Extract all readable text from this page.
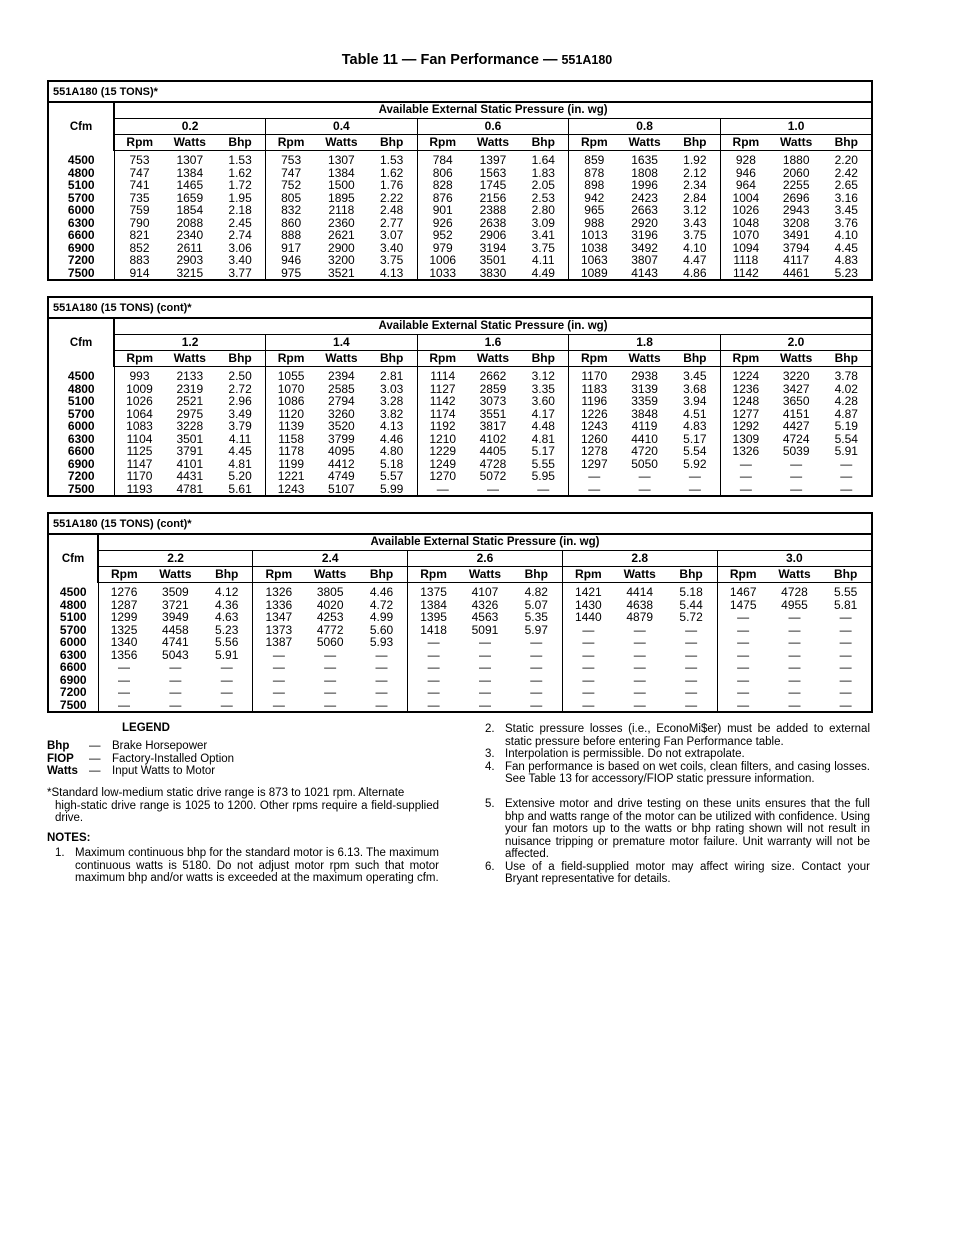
Table 11 — Fan Performance — 551A180
551A180 (15 TONS)*															
Cfm	Available External Static Pressure (in. wg)														
	0.2			0.4			0.6			0.8			1.0		
	Rpm	Watts	Bhp	Rpm	Watts	Bhp	Rpm	Watts	Bhp	Rpm	Watts	Bhp	Rpm	Watts	Bhp
4500	753	1307	1.53	753	1307	1.53	784	1397	1.64	859	1635	1.92	928	1880	2.20
4800	747	1384	1.62	747	1384	1.62	806	1563	1.83	878	1808	2.12	946	2060	2.42
5100	741	1465	1.72	752	1500	1.76	828	1745	2.05	898	1996	2.34	964	2255	2.65
5700	735	1659	1.95	805	1895	2.22	876	2156	2.53	942	2423	2.84	1004	2696	3.16
6000	759	1854	2.18	832	2118	2.48	901	2388	2.80	965	2663	3.12	1026	2943	3.45
6300	790	2088	2.45	860	2360	2.77	926	2638	3.09	988	2920	3.43	1048	3208	3.76
6600	821	2340	2.74	888	2621	3.07	952	2906	3.41	1013	3196	3.75	1070	3491	4.10
6900	852	2611	3.06	917	2900	3.40	979	3194	3.75	1038	3492	4.10	1094	3794	4.45
7200	883	2903	3.40	946	3200	3.75	1006	3501	4.11	1063	3807	4.47	1118	4117	4.83
7500	914	3215	3.77	975	3521	4.13	1033	3830	4.49	1089	4143	4.86	1142	4461	5.23
551A180 (15 TONS) (cont)*															
Cfm	Available External Static Pressure (in. wg)														
	1.2			1.4			1.6			1.8			2.0		
	Rpm	Watts	Bhp	Rpm	Watts	Bhp	Rpm	Watts	Bhp	Rpm	Watts	Bhp	Rpm	Watts	Bhp
4500	993	2133	2.50	1055	2394	2.81	1114	2662	3.12	1170	2938	3.45	1224	3220	3.78
4800	1009	2319	2.72	1070	2585	3.03	1127	2859	3.35	1183	3139	3.68	1236	3427	4.02
5100	1026	2521	2.96	1086	2794	3.28	1142	3073	3.60	1196	3359	3.94	1248	3650	4.28
5700	1064	2975	3.49	1120	3260	3.82	1174	3551	4.17	1226	3848	4.51	1277	4151	4.87
6000	1083	3228	3.79	1139	3520	4.13	1192	3817	4.48	1243	4119	4.83	1292	4427	5.19
6300	1104	3501	4.11	1158	3799	4.46	1210	4102	4.81	1260	4410	5.17	1309	4724	5.54
6600	1125	3791	4.45	1178	4095	4.80	1229	4405	5.17	1278	4720	5.54	1326	5039	5.91
6900	1147	4101	4.81	1199	4412	5.18	1249	4728	5.55	1297	5050	5.92	—	—	—
7200	1170	4431	5.20	1221	4749	5.57	1270	5072	5.95	—	—	—	—	—	—
7500	1193	4781	5.61	1243	5107	5.99	—	—	—	—	—	—	—	—	—
551A180 (15 TONS) (cont)*															
Cfm	Available External Static Pressure (in. wg)														
	2.2			2.4			2.6			2.8			3.0		
	Rpm	Watts	Bhp	Rpm	Watts	Bhp	Rpm	Watts	Bhp	Rpm	Watts	Bhp	Rpm	Watts	Bhp
4500	1276	3509	4.12	1326	3805	4.46	1375	4107	4.82	1421	4414	5.18	1467	4728	5.55
4800	1287	3721	4.36	1336	4020	4.72	1384	4326	5.07	1430	4638	5.44	1475	4955	5.81
5100	1299	3949	4.63	1347	4253	4.99	1395	4563	5.35	1440	4879	5.72	—	—	—
5700	1325	4458	5.23	1373	4772	5.60	1418	5091	5.97	—	—	—	—	—	—
6000	1340	4741	5.56	1387	5060	5.93	—	—	—	—	—	—	—	—	—
6300	1356	5043	5.91	—	—	—	—	—	—	—	—	—	—	—	—
6600	—	—	—	—	—	—	—	—	—	—	—	—	—	—	—
6900	—	—	—	—	—	—	—	—	—	—	—	—	—	—	—
7200	—	—	—	—	—	—	—	—	—	—	—	—	—	—	—
7500	—	—	—	—	—	—	—	—	—	—	—	—	—	—	—
LEGEND
Bhp — Brake Horsepower
FIOP — Factory-Installed Option
Watts — Input Watts to Motor
*Standard low-medium static drive range is 873 to 1021 rpm. Alternate
high-static drive range is 1025 to 1200. Other rpms require a field-supplied drive.
NOTES:
1. Maximum continuous bhp for the standard motor is 6.13. The maximum continuous watts is 5180. Do not adjust motor rpm such that motor maximum bhp and/or watts is exceeded at the maximum operating cfm.
2. Static pressure losses (i.e., EconoMi$er) must be added to external static pressure before entering Fan Performance table.
3. Interpolation is permissible. Do not extrapolate.
4. Fan performance is based on wet coils, clean filters, and casing losses. See Table 13 for accessory/FIOP static pressure information.
5. Extensive motor and drive testing on these units ensures that the full bhp and watts range of the motor can be utilized with confidence. Using your fan motors up to the watts or bhp rating shown will not result in nuisance tripping or premature motor failure. Unit warranty will not be affected.
6. Use of a field-supplied motor may affect wiring size. Contact your Bryant representative for details.
